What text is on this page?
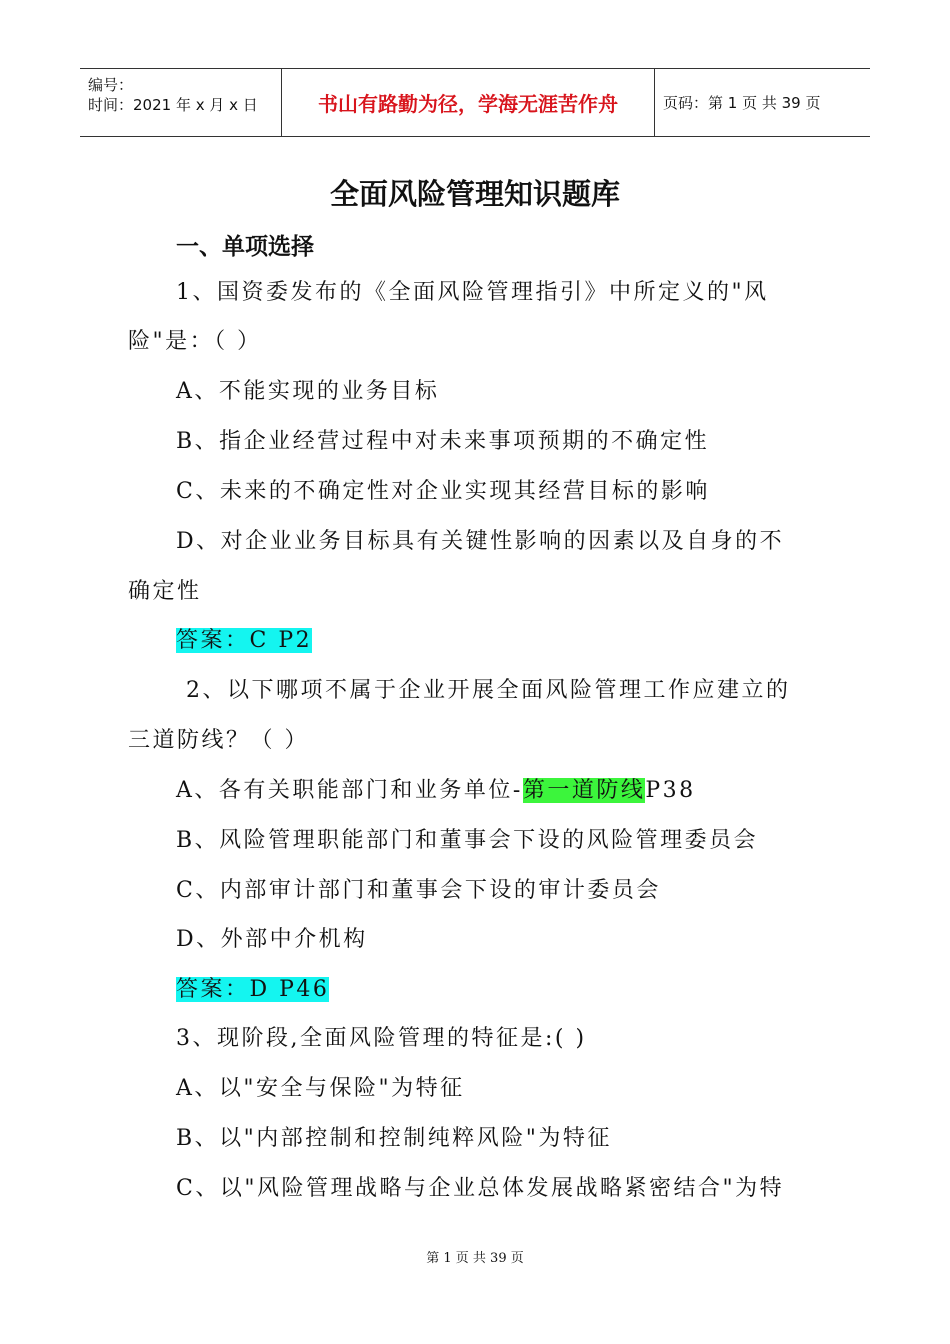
编号：
时间：2021 年 x 月 x 日	书山有路勤为径，学海无涯苦作舟	页码：第 1 页 共 39 页
全面风险管理知识题库
一、单项选择
1、国资委发布的《全面风险管理指引》中所定义的"风
险"是：（ ）
A、不能实现的业务目标
B、指企业经营过程中对未来事项预期的不确定性
C、未来的不确定性对企业实现其经营目标的影响
D、对企业业务目标具有关键性影响的因素以及自身的不
确定性
答案：C P2
2、以下哪项不属于企业开展全面风险管理工作应建立的
三道防线？（ ）
A、各有关职能部门和业务单位-第一道防线P38
B、风险管理职能部门和董事会下设的风险管理委员会
C、内部审计部门和董事会下设的审计委员会
D、外部中介机构
答案：D P46
3、现阶段,全面风险管理的特征是:( )
A、以"安全与保险"为特征
B、以"内部控制和控制纯粹风险"为特征
C、以"风险管理战略与企业总体发展战略紧密结合"为特
第 1 页 共 39 页
